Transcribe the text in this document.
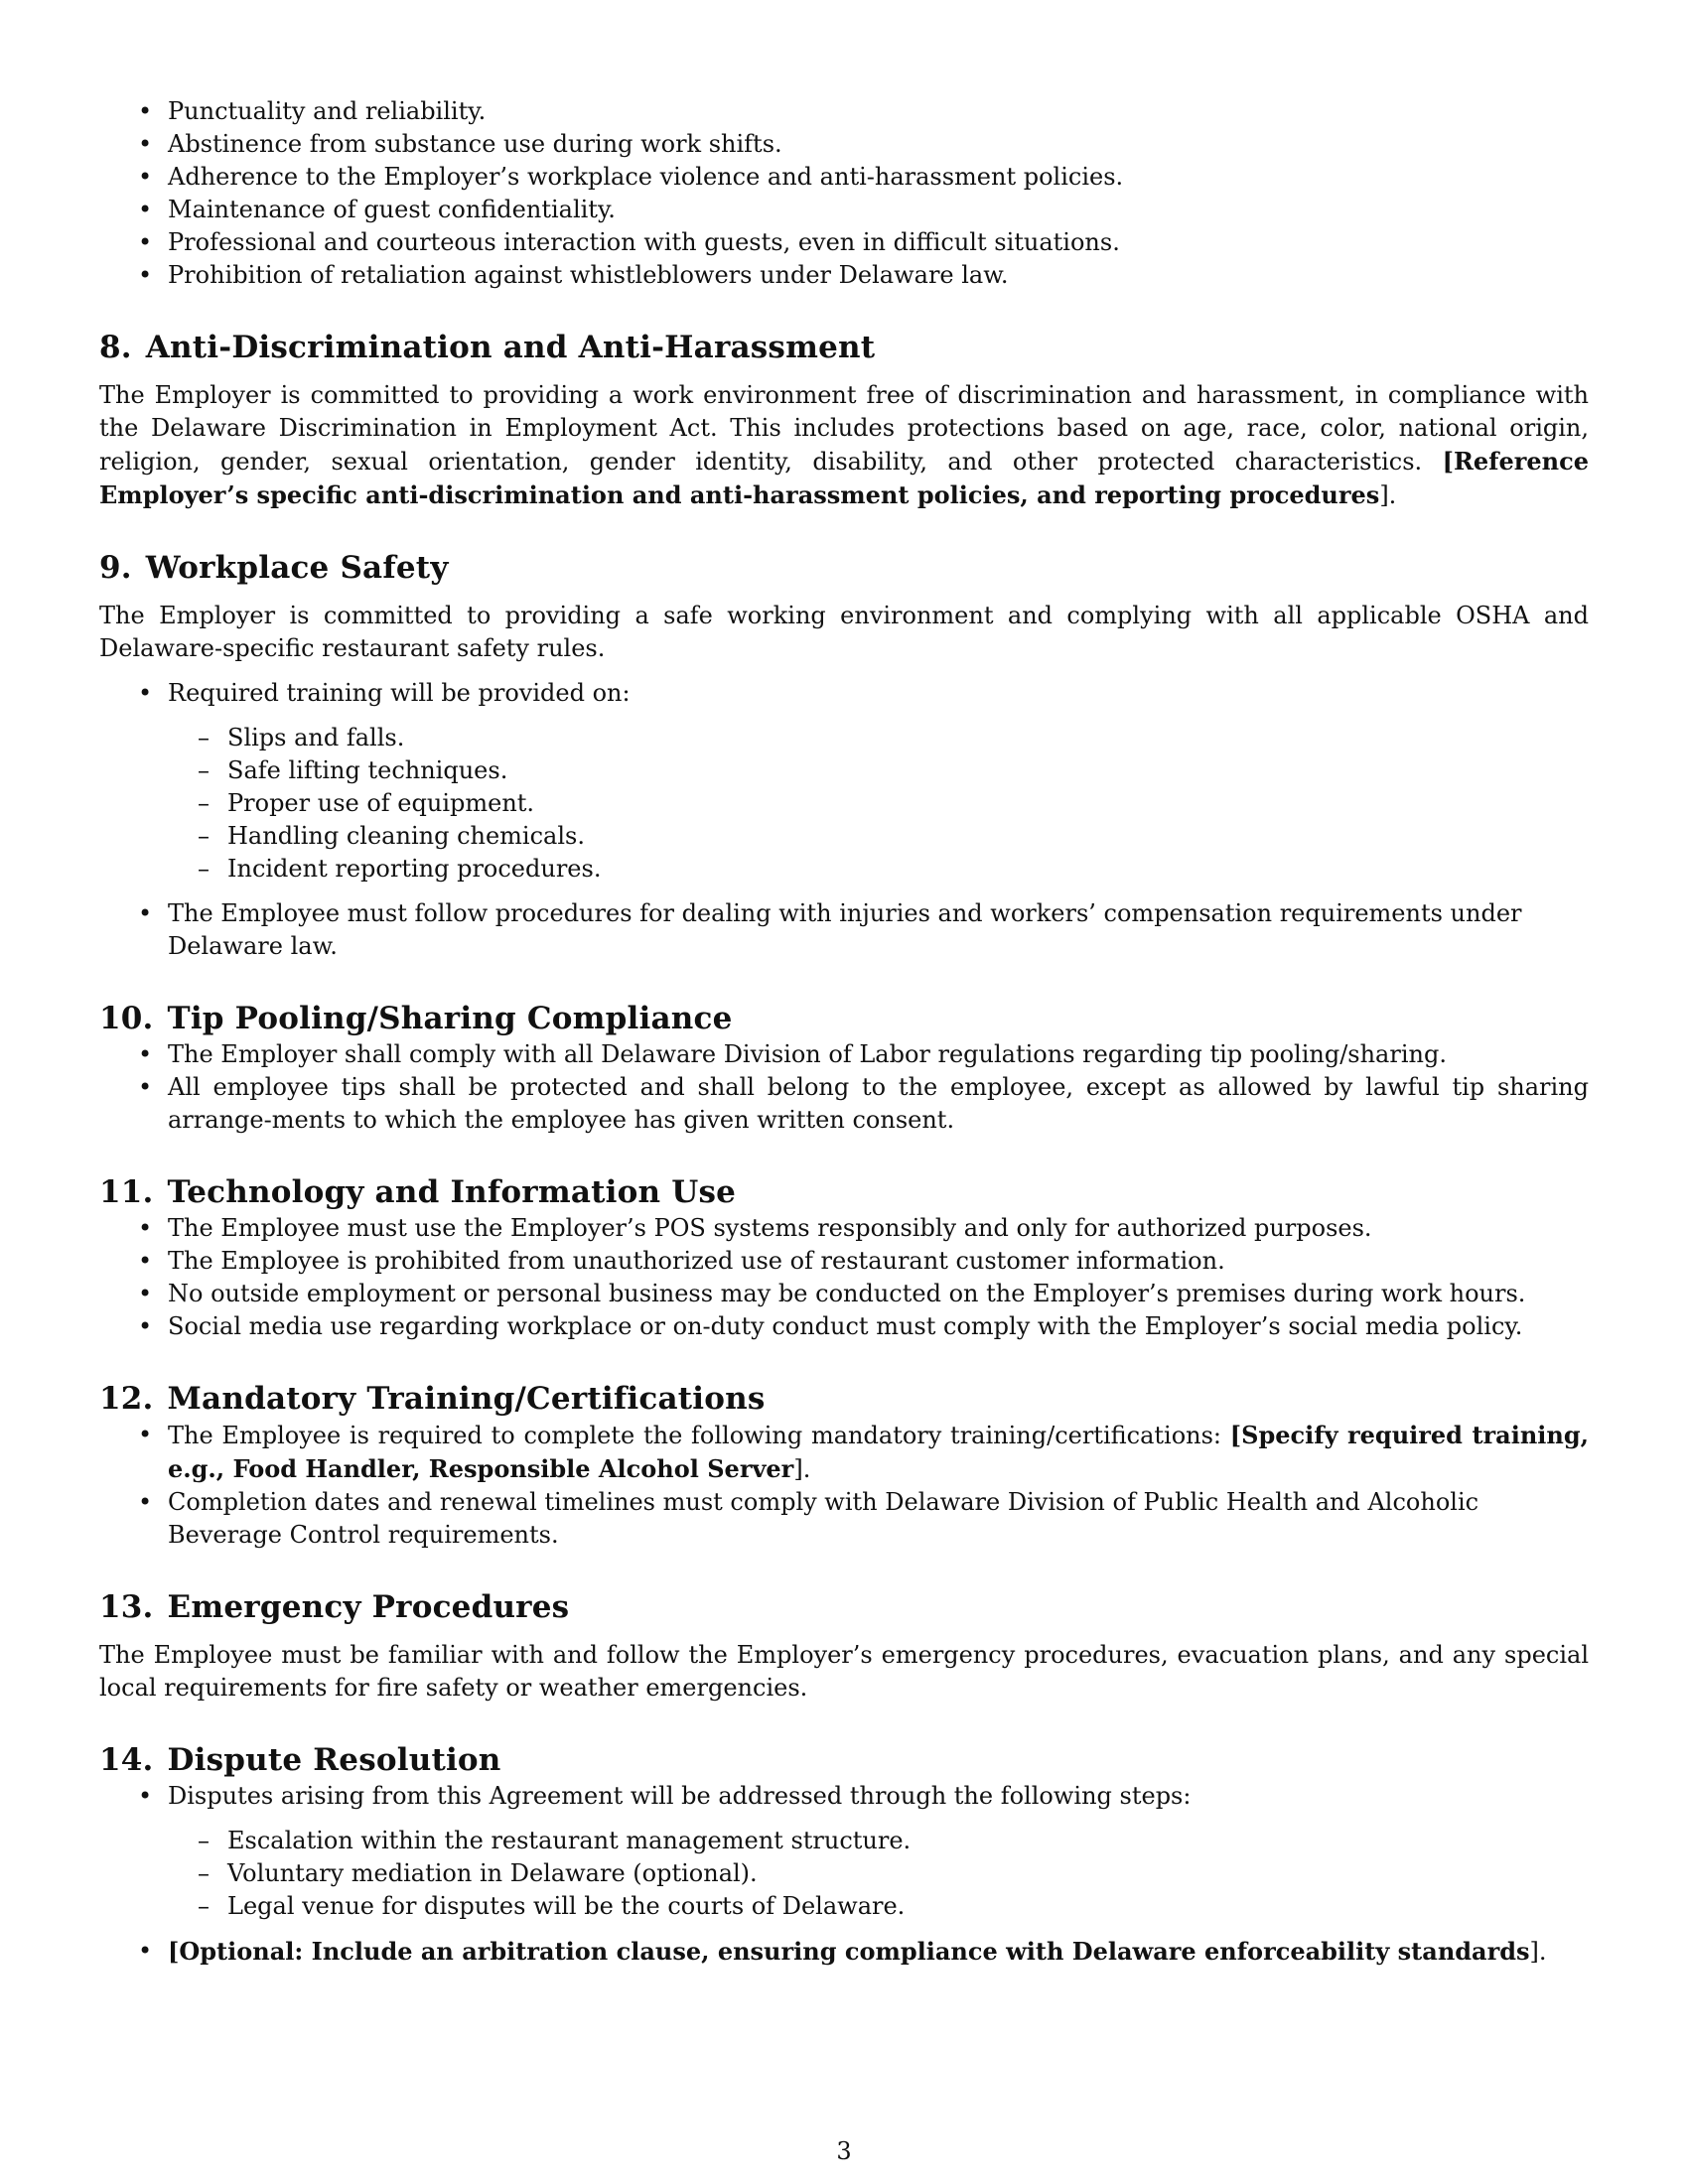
• Punctuality and reliability.
• Abstinence from substance use during work shifts.
• Adherence to the Employer’s workplace violence and anti-harassment policies.
• Maintenance of guest confidentiality.
• Professional and courteous interaction with guests, even in difficult situations.
• Prohibition of retaliation against whistleblowers under Delaware law.
8. Anti-Discrimination and Anti-Harassment

The Employer is committed to providing a work environment free of discrimination and harassment, in compliance with the Delaware Discrimination in Employment Act. This includes protections based on age, race, color, national origin, religion, gender, sexual orientation, gender identity, disability, and other protected characteristics. [Reference Employer’s specific anti-discrimination and anti-harassment policies, and reporting procedures].

9. Workplace Safety

The Employer is committed to providing a safe working environment and complying with all applicable OSHA and Delaware-specific restaurant safety rules.

• Required training will be provided on:
– Slips and falls.
– Safe lifting techniques.
– Proper use of equipment.
– Handling cleaning chemicals.
– Incident reporting procedures.
• The Employee must follow procedures for dealing with injuries and workers’ compensation requirements under Delaware law.
10. Tip Pooling/Sharing Compliance
• The Employer shall comply with all Delaware Division of Labor regulations regarding tip pooling/sharing.
• All employee tips shall be protected and shall belong to the employee, except as allowed by lawful tip sharing arrange-ments to which the employee has given written consent.
11. Technology and Information Use
• The Employee must use the Employer’s POS systems responsibly and only for authorized purposes.
• The Employee is prohibited from unauthorized use of restaurant customer information.
• No outside employment or personal business may be conducted on the Employer’s premises during work hours.
• Social media use regarding workplace or on-duty conduct must comply with the Employer’s social media policy.
12. Mandatory Training/Certifications
• The Employee is required to complete the following mandatory training/certifications: [Specify required training, e.g., Food Handler, Responsible Alcohol Server].
• Completion dates and renewal timelines must comply with Delaware Division of Public Health and Alcoholic Beverage Control requirements.
13. Emergency Procedures

The Employee must be familiar with and follow the Employer’s emergency procedures, evacuation plans, and any special local requirements for fire safety or weather emergencies.

14. Dispute Resolution
• Disputes arising from this Agreement will be addressed through the following steps:
– Escalation within the restaurant management structure.
– Voluntary mediation in Delaware (optional).
– Legal venue for disputes will be the courts of Delaware.
• [Optional: Include an arbitration clause, ensuring compliance with Delaware enforceability standards].
3
